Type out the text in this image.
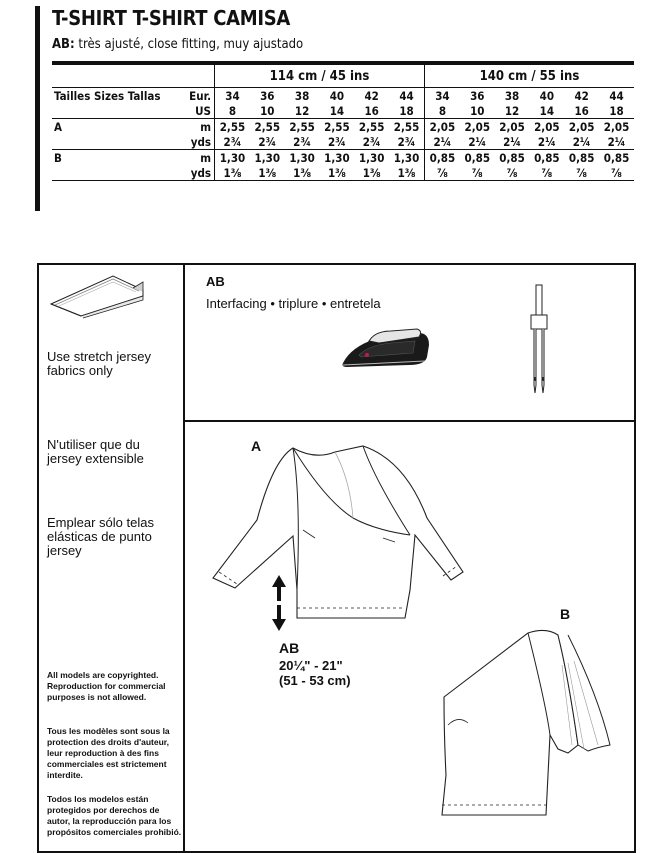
T-SHIRT T-SHIRT CAMISA
AB: très ajusté, close fitting, muy ajustado
		114 cm / 45 ins						140 cm / 55 ins					
Tailles Sizes Tallas	Eur.	34	36	38	40	42	44	34	36	38	40	42	44
	US	8	10	12	14	16	18	8	10	12	14	16	18
A	m	2,55	2,55	2,55	2,55	2,55	2,55	2,05	2,05	2,05	2,05	2,05	2,05
	yds	2¾	2¾	2¾	2¾	2¾	2¾	2¼	2¼	2¼	2¼	2¼	2¼
B	m	1,30	1,30	1,30	1,30	1,30	1,30	0,85	0,85	0,85	0,85	0,85	0,85
	yds	1⅜	1⅜	1⅜	1⅜	1⅜	1⅜	⅞	⅞	⅞	⅞	⅞	⅞
Use stretch jersey fabrics only
N'utiliser que du jersey extensible
Emplear sólo telas elásticas de punto jersey
All models are copyrighted. Reproduction for commercial purposes is not allowed.
Tous les modèles sont sous la protection des droits d'auteur, leur reproduction à des fins commerciales est strictement interdite.
Todos los modelos están protegidos por derechos de autor, la reproducción para los propósitos comerciales prohibió.
AB
Interfacing • triplure • entretela
A
AB
20¼" - 21"
(51 - 53 cm)
B
